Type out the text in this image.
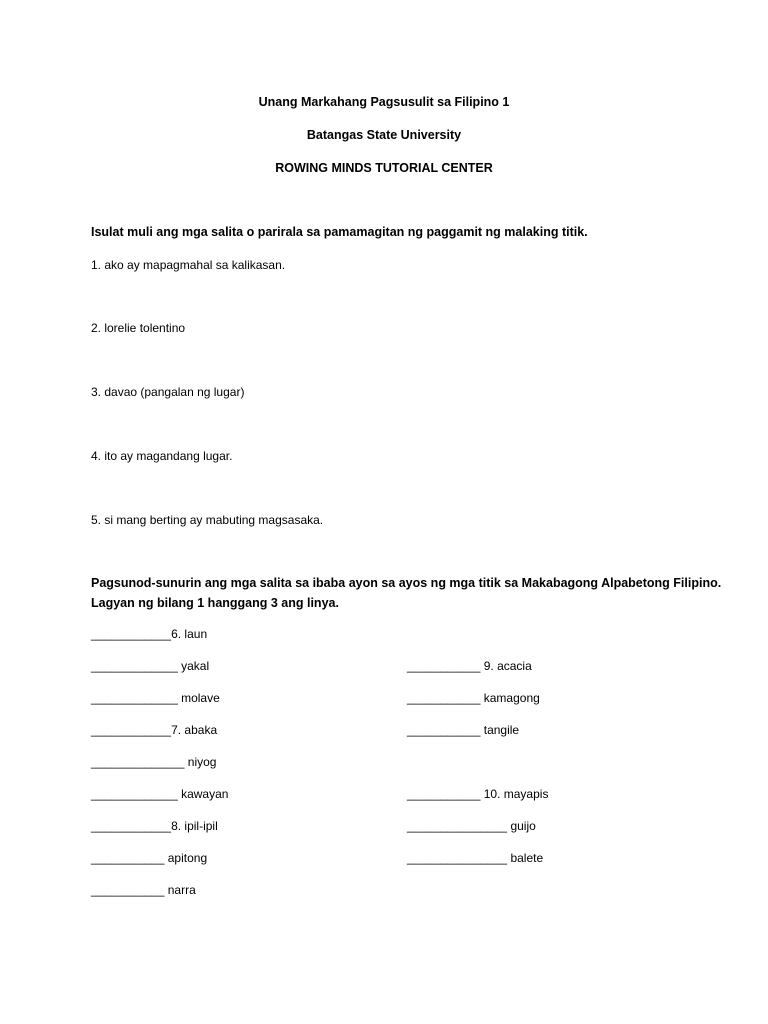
Unang Markahang Pagsusulit sa Filipino 1
Batangas State University
ROWING MINDS TUTORIAL CENTER
Isulat muli ang mga salita o parirala sa pamamagitan ng paggamit ng malaking titik.
1. ako ay mapagmahal sa kalikasan.
2. lorelie tolentino
3. davao (pangalan ng lugar)
4. ito ay magandang lugar.
5. si mang berting ay mabuting magsasaka.
Pagsunod-sunurin ang mga salita sa ibaba ayon sa ayos ng mga titik sa Makabagong Alpabetong Filipino.
Lagyan ng bilang 1 hanggang 3 ang linya.
____________6. laun
_____________ yakal
_____________ molave
____________7. abaka
______________ niyog
_____________ kawayan
____________8. ipil-ipil
___________ apitong
___________ narra
___________ 9. acacia
___________ kamagong
___________ tangile
___________ 10. mayapis
_______________ guijo
_______________ balete
